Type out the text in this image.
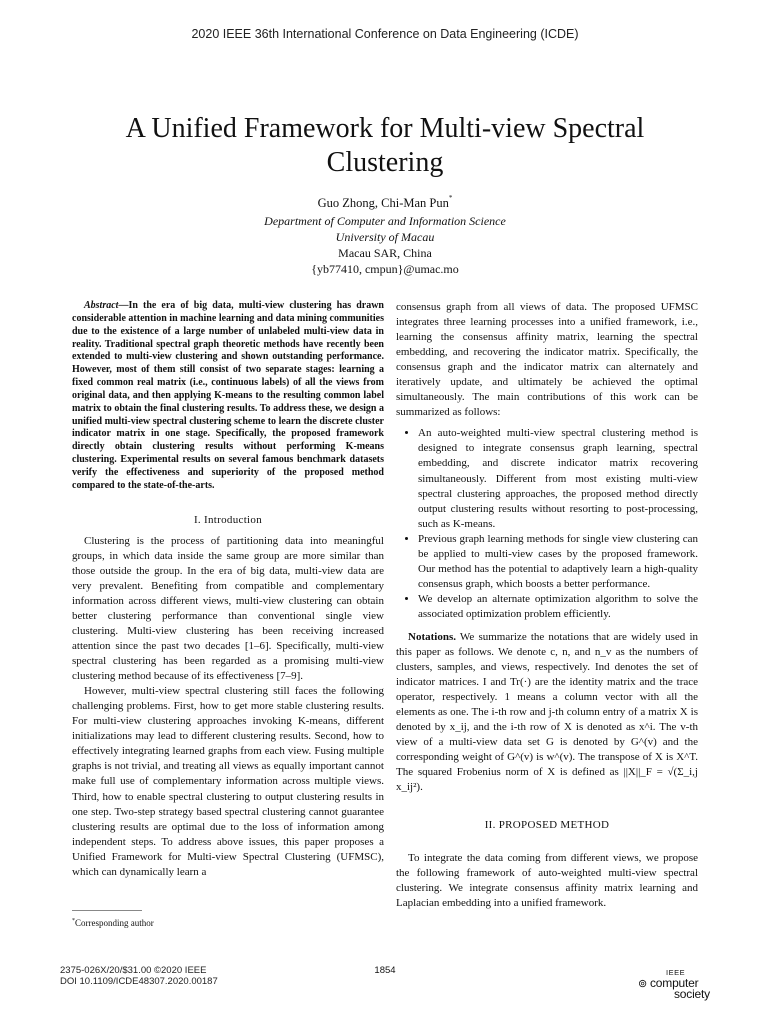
2020 IEEE 36th International Conference on Data Engineering (ICDE)
A Unified Framework for Multi-view Spectral Clustering
Guo Zhong, Chi-Man Pun*
Department of Computer and Information Science
University of Macau
Macau SAR, China
{yb77410, cmpun}@umac.mo

Abstract—In the era of big data, multi-view clustering has drawn considerable attention in machine learning and data mining communities due to the existence of a large number of unlabeled multi-view data in reality. Traditional spectral graph theoretic methods have recently been extended to multi-view clustering and shown outstanding performance. However, most of them still consist of two separate stages: learning a fixed common real matrix (i.e., continuous labels) of all the views from original data, and then applying K-means to the resulting common label matrix to obtain the final clustering results. To address these, we design a unified multi-view spectral clustering scheme to learn the discrete cluster indicator matrix in one stage. Specifically, the proposed framework directly obtain clustering results without performing K-means clustering. Experimental results on several famous benchmark datasets verify the effectiveness and superiority of the proposed method compared to the state-of-the-arts.

I. Introduction

Clustering is the process of partitioning data into meaningful groups, in which data inside the same group are more similar than those outside the group. In the era of big data, multi-view data are very prevalent. Benefiting from compatible and complementary information across different views, multi-view clustering can obtain better clustering performance than conventional single view clustering. Multi-view clustering has been receiving increased attention since the past two decades [1–6]. Specifically, multi-view spectral clustering has been regarded as a promising multi-view clustering method because of its effectiveness [7–9].

However, multi-view spectral clustering still faces the following challenging problems. First, how to get more stable clustering results. For multi-view clustering approaches invoking K-means, different initializations may lead to different clustering results. Second, how to effectively integrating learned graphs from each view. Fusing multiple graphs is not trivial, and treating all views as equally important cannot make full use of complementary information across multiple views. Third, how to enable spectral clustering to output clustering results in one step. Two-step strategy based spectral clustering cannot guarantee clustering results are optimal due to the loss of information among independent steps. To address above issues, this paper proposes a Unified Framework for Multi-view Spectral Clustering (UFMSC), which can dynamically learn a

*Corresponding author

consensus graph from all views of data. The proposed UFMSC integrates three learning processes into a unified framework, i.e., learning the consensus affinity matrix, learning the spectral embedding, and recovering the indicator matrix. Specifically, the consensus graph and the indicator matrix can alternately and iteratively update, and ultimately be achieved the optimal simultaneously. The main contributions of this work can be summarized as follows:

• An auto-weighted multi-view spectral clustering method is designed to integrate consensus graph learning, spectral embedding, and discrete indicator matrix recovering simultaneously. Different from most existing multi-view spectral clustering approaches, the proposed method directly output clustering results without resorting to post-processing, such as K-means.
• Previous graph learning methods for single view clustering can be applied to multi-view cases by the proposed framework. Our method has the potential to adaptively learn a high-quality consensus graph, which boosts a better performance.
• We develop an alternate optimization algorithm to solve the associated optimization problem efficiently.

Notations. We summarize the notations that are widely used in this paper as follows. We denote c, n, and n_v as the numbers of clusters, samples, and views, respectively. Ind denotes the set of indicator matrices. I and Tr(·) are the identity matrix and the trace operator, respectively. 1 means a column vector with all the elements as one. The i-th row and j-th column entry of a matrix X is denoted by x_ij, and the i-th row of X is denoted as x^i. The v-th view of a multi-view data set G is denoted by G^(v) and the corresponding weight of G^(v) is w^(v). The transpose of X is X^T. The squared Frobenius norm of X is defined as ||X||_F = √(Σ_i,j x_ij²).

II. PROPOSED METHOD

To integrate the data coming from different views, we propose the following framework of auto-weighted multi-view spectral clustering. We integrate consensus affinity matrix learning and Laplacian embedding into a unified framework.

2375-026X/20/$31.00 ©2020 IEEE
DOI 10.1109/ICDE48307.2020.00187
1854	IEEE
⊚ computer
society
